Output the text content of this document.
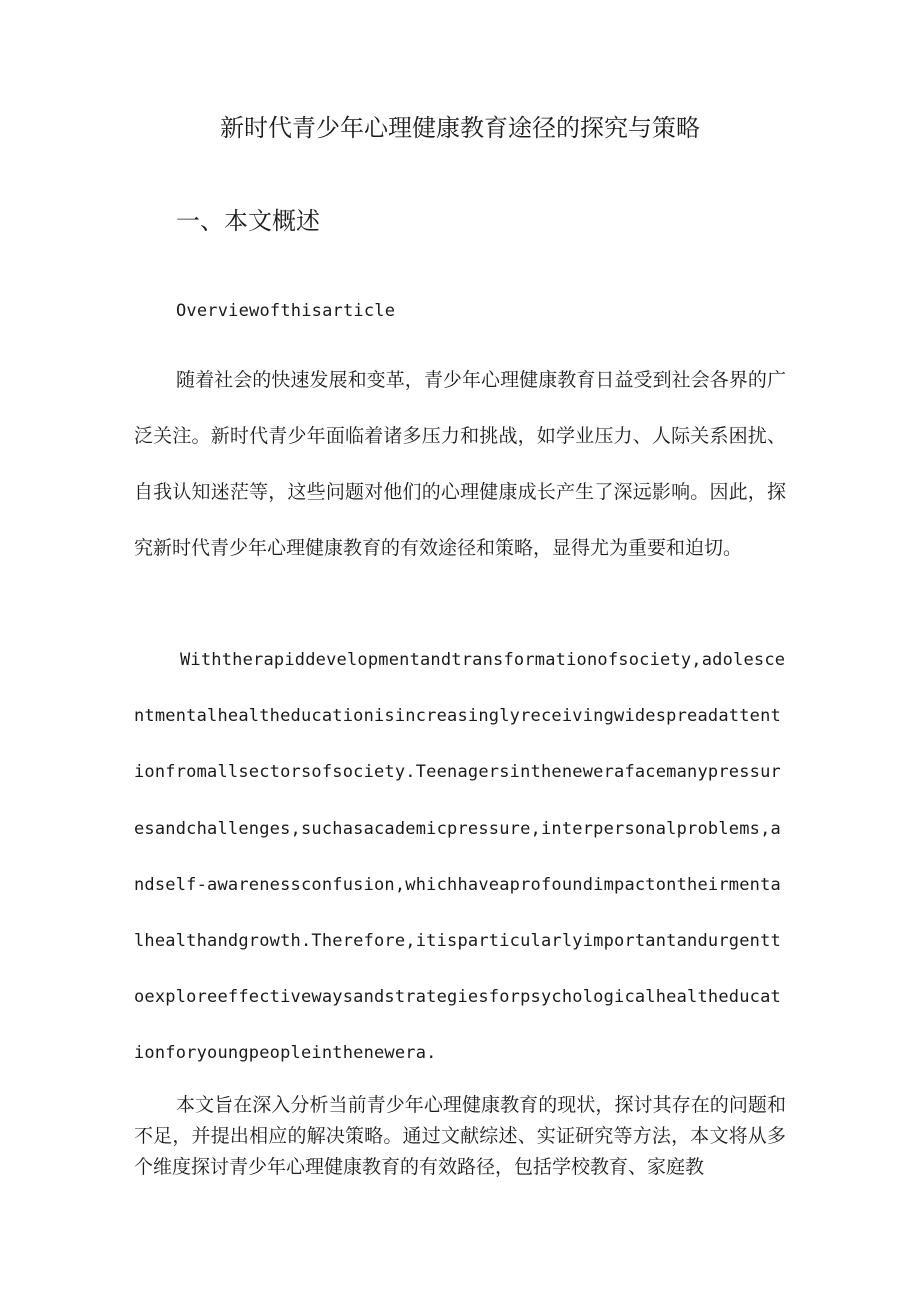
新时代青少年心理健康教育途径的探究与策略
一、本文概述

Overviewofthisarticle

随着社会的快速发展和变革，青少年心理健康教育日益受到社会各界的广泛关注。新时代青少年面临着诸多压力和挑战，如学业压力、人际关系困扰、自我认知迷茫等，这些问题对他们的心理健康成长产生了深远影响。因此，探究新时代青少年心理健康教育的有效途径和策略，显得尤为重要和迫切。

Withtherapiddevelopmentandtransformationofsociety,adolescentmentalhealtheducationisincreasinglyreceivingwidespreadattentionfromallsectorsofsociety.Teenagersinthenewerafacemanypressuresandchallenges,suchasacademicpressure,interpersonalproblems,andself-awarenessconfusion,whichhaveaprofoundimpactontheirmentalhealthandgrowth.Therefore,itisparticularlyimportantandurgenttoexploreeffectivewaysandstrategiesforpsychologicalhealtheducationforyoungpeopleinthenewera.

本文旨在深入分析当前青少年心理健康教育的现状，探讨其存在的问题和不足，并提出相应的解决策略。通过文献综述、实证研究等方法，本文将从多个维度探讨青少年心理健康教育的有效路径，包括学校教育、家庭教
